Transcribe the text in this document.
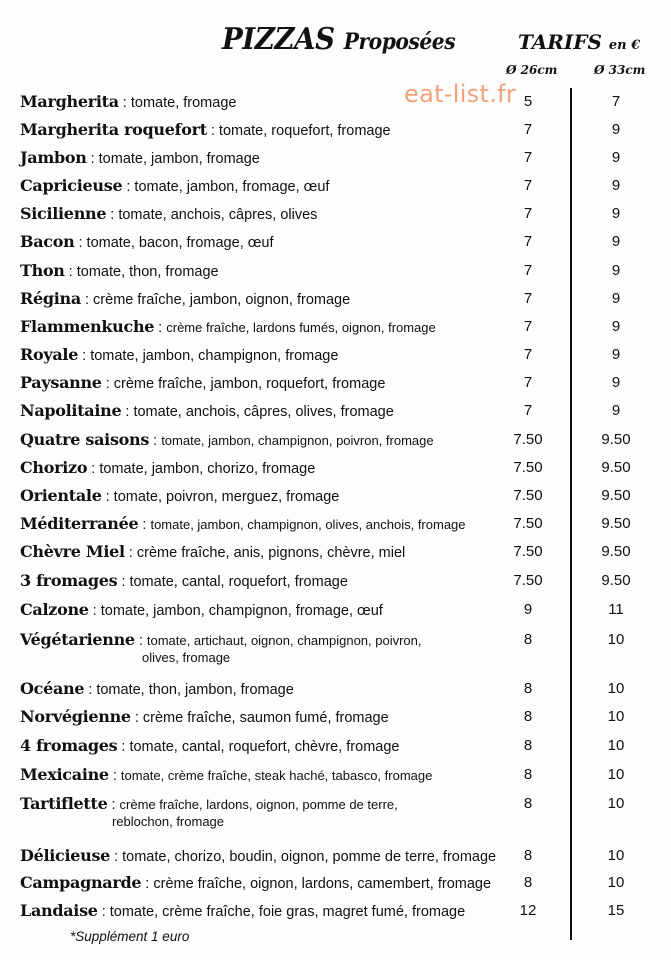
PIZZAS Proposées	TARIFS en €
Ø 26cm	Ø 33cm
eat-list.fr
Margherita : tomate, fromage	5	7
Margherita roquefort : tomate, roquefort, fromage	7	9
Jambon : tomate, jambon, fromage	7	9
Capricieuse : tomate, jambon, fromage, œuf	7	9
Sicilienne : tomate, anchois, câpres, olives	7	9
Bacon : tomate, bacon, fromage, œuf	7	9
Thon : tomate, thon, fromage	7	9
Régina : crème fraîche, jambon, oignon, fromage	7	9
Flammenkuche : crème fraîche, lardons fumés, oignon, fromage	7	9
Royale : tomate, jambon, champignon, fromage	7	9
Paysanne : crème fraîche, jambon, roquefort, fromage	7	9
Napolitaine : tomate, anchois, câpres, olives, fromage	7	9
Quatre saisons : tomate, jambon, champignon, poivron, fromage	7.50	9.50
Chorizo : tomate, jambon, chorizo, fromage	7.50	9.50
Orientale : tomate, poivron, merguez, fromage	7.50	9.50
Méditerranée : tomate, jambon, champignon, olives, anchois, fromage	7.50	9.50
Chèvre Miel : crème fraîche, anis, pignons, chèvre, miel	7.50	9.50
3 fromages : tomate, cantal, roquefort, fromage	7.50	9.50
Calzone : tomate, jambon, champignon, fromage, œuf	9	11
Végétarienne : tomate, artichaut, oignon, champignon, poivron,
olives, fromage
8	10
Océane : tomate, thon, jambon, fromage	8	10
Norvégienne : crème fraîche, saumon fumé, fromage	8	10
4 fromages : tomate, cantal, roquefort, chèvre, fromage	8	10
Mexicaine : tomate, crème fraîche, steak haché, tabasco, fromage	8	10
Tartiflette : crème fraîche, lardons, oignon, pomme de terre,
reblochon, fromage
8	10
Délicieuse : tomate, chorizo, boudin, oignon, pomme de terre, fromage	8	10
Campagnarde : crème fraîche, oignon, lardons, camembert, fromage	8	10
Landaise : tomate, crème fraîche, foie gras, magret fumé, fromage	12	15
*Supplément 1 euro
